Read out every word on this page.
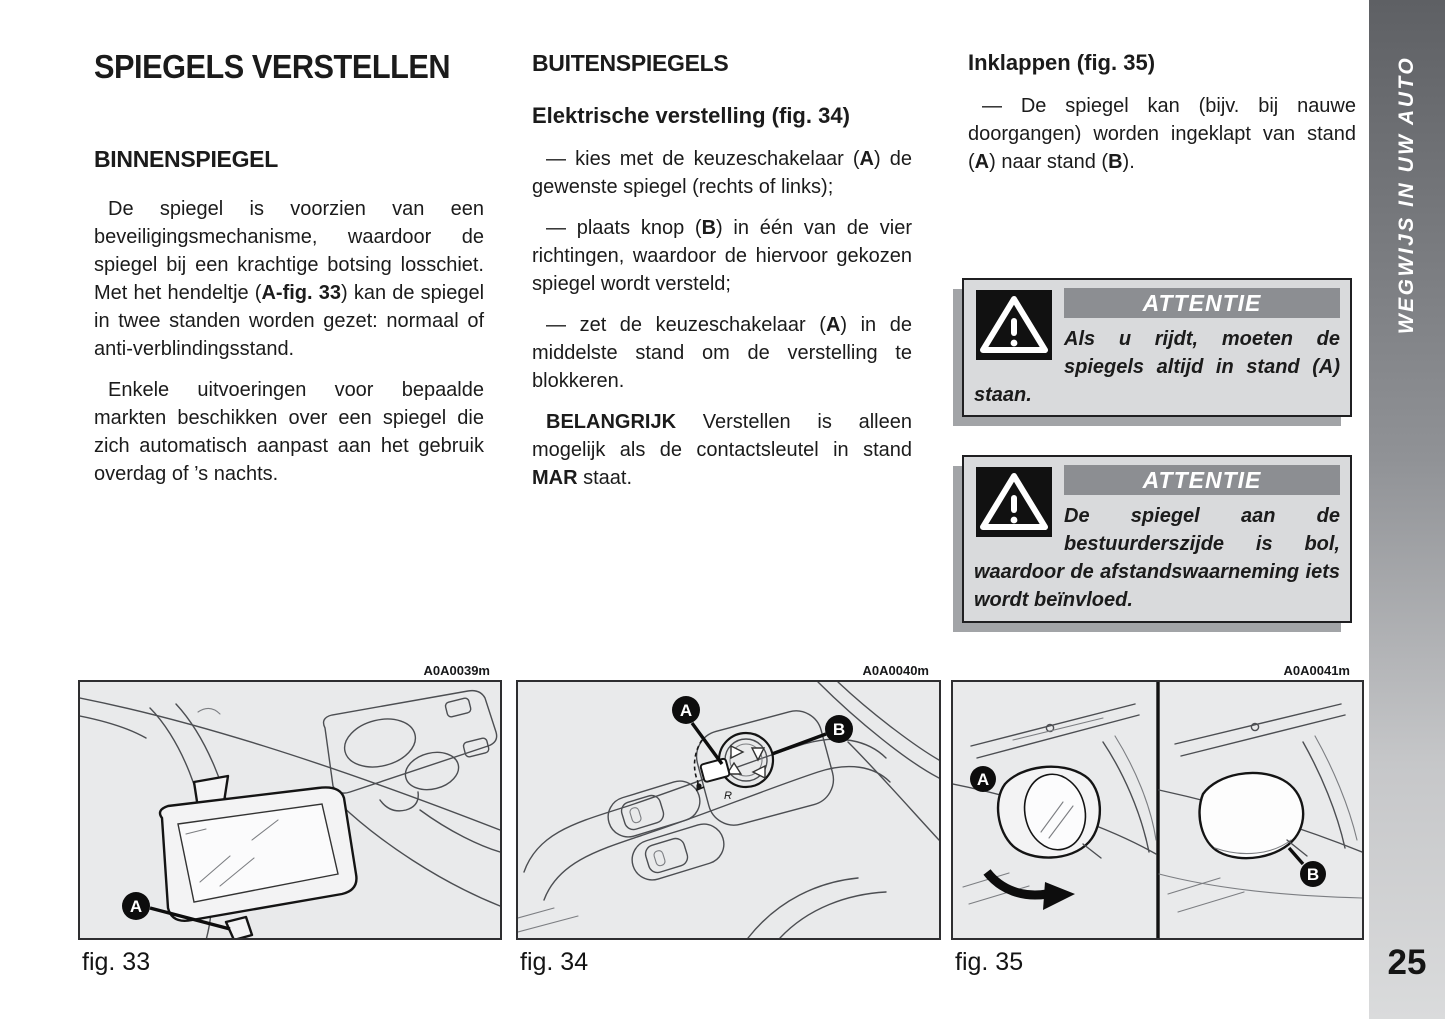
SPIEGELS VERSTELLEN
BINNENSPIEGEL

De spiegel is voorzien van een beveiligingsmechanisme, waardoor de spiegel bij een krachtige botsing losschiet. Met het hendeltje (A-fig. 33) kan de spiegel in twee standen worden gezet: normaal of anti-verblindingsstand.

Enkele uitvoeringen voor bepaalde markten beschikken over een spiegel die zich automatisch aanpast aan het gebruik overdag of ’s nachts.

BUITENSPIEGELS
Elektrische verstelling (fig. 34)

— kies met de keuzeschakelaar (A) de gewenste spiegel (rechts of links);

— plaats knop (B) in één van de vier richtingen, waardoor de hiervoor gekozen spiegel wordt versteld;

— zet de keuzeschakelaar (A) in de middelste stand om de verstelling te blokkeren.

BELANGRIJK Verstellen is alleen mogelijk als de contactsleutel in stand MAR staat.

Inklappen (fig. 35)

— De spiegel kan (bijv. bij nauwe doorgangen) worden ingeklapt van stand (A) naar stand (B).

ATTENTIE

Als u rijdt, moeten de spiegels altijd in stand (A) staan.

ATTENTIE

De spiegel aan de bestuurderszijde is bol, waardoor de afstandswaarneming iets wordt beïnvloed.

A0A0039m
A
fig. 33
A0A0040m
R
A
B
fig. 34
A
B
fig. 35
A0A0041m
WEGWIJS IN UW AUTO
25
